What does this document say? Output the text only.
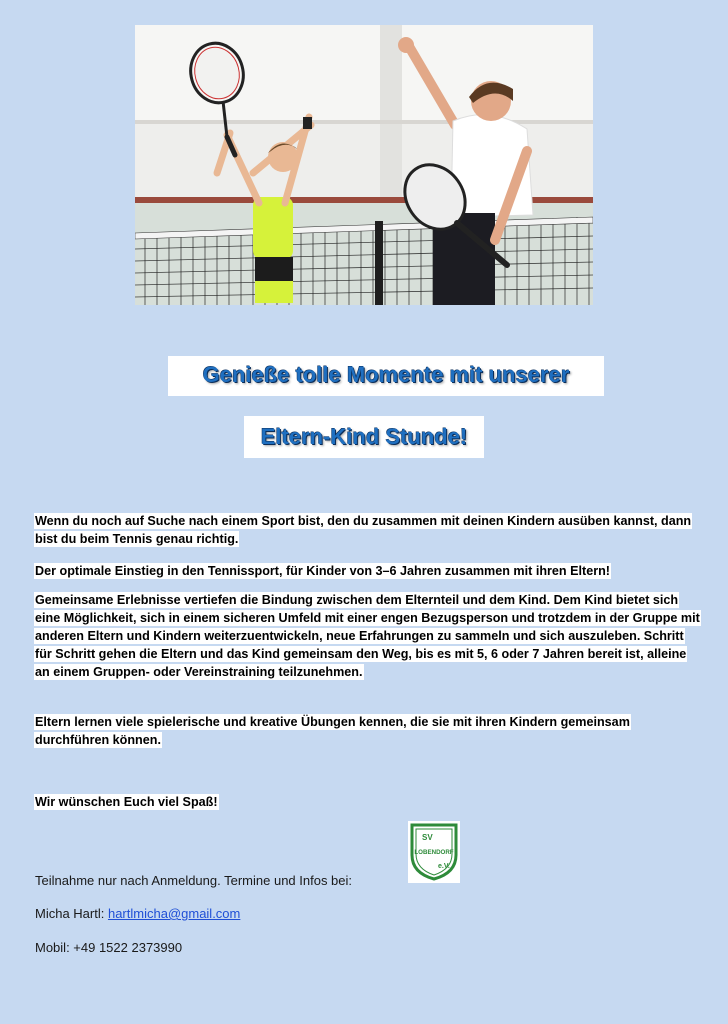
Genieße tolle Momente mit unserer
Eltern-Kind Stunde!

Wenn du noch auf Suche nach einem Sport bist, den du zusammen mit deinen Kindern ausüben kannst, dann bist du beim Tennis genau richtig.

Der optimale Einstieg in den Tennissport, für Kinder von 3–6 Jahren zusammen mit ihren Eltern!

Gemeinsame Erlebnisse vertiefen die Bindung zwischen dem Elternteil und dem Kind. Dem Kind bietet sich eine Möglichkeit, sich in einem sicheren Umfeld mit einer engen Bezugsperson und trotzdem in der Gruppe mit anderen Eltern und Kindern weiterzuentwickeln, neue Erfahrungen zu sammeln und sich auszuleben. Schritt für Schritt gehen die Eltern und das Kind gemeinsam den Weg, bis es mit 5, 6 oder 7 Jahren bereit ist, alleine an einem Gruppen- oder Vereinstraining teilzunehmen.

Eltern lernen viele spielerische und kreative Übungen kennen, die sie mit ihren Kindern gemeinsam durchführen können.

Wir wünschen Euch viel Spaß!

SV
LOBENDORF
e.V.
Teilnahme nur nach Anmeldung. Termine und Infos bei:
Micha Hartl: hartlmicha@gmail.com
Mobil: +49 1522 2373990
